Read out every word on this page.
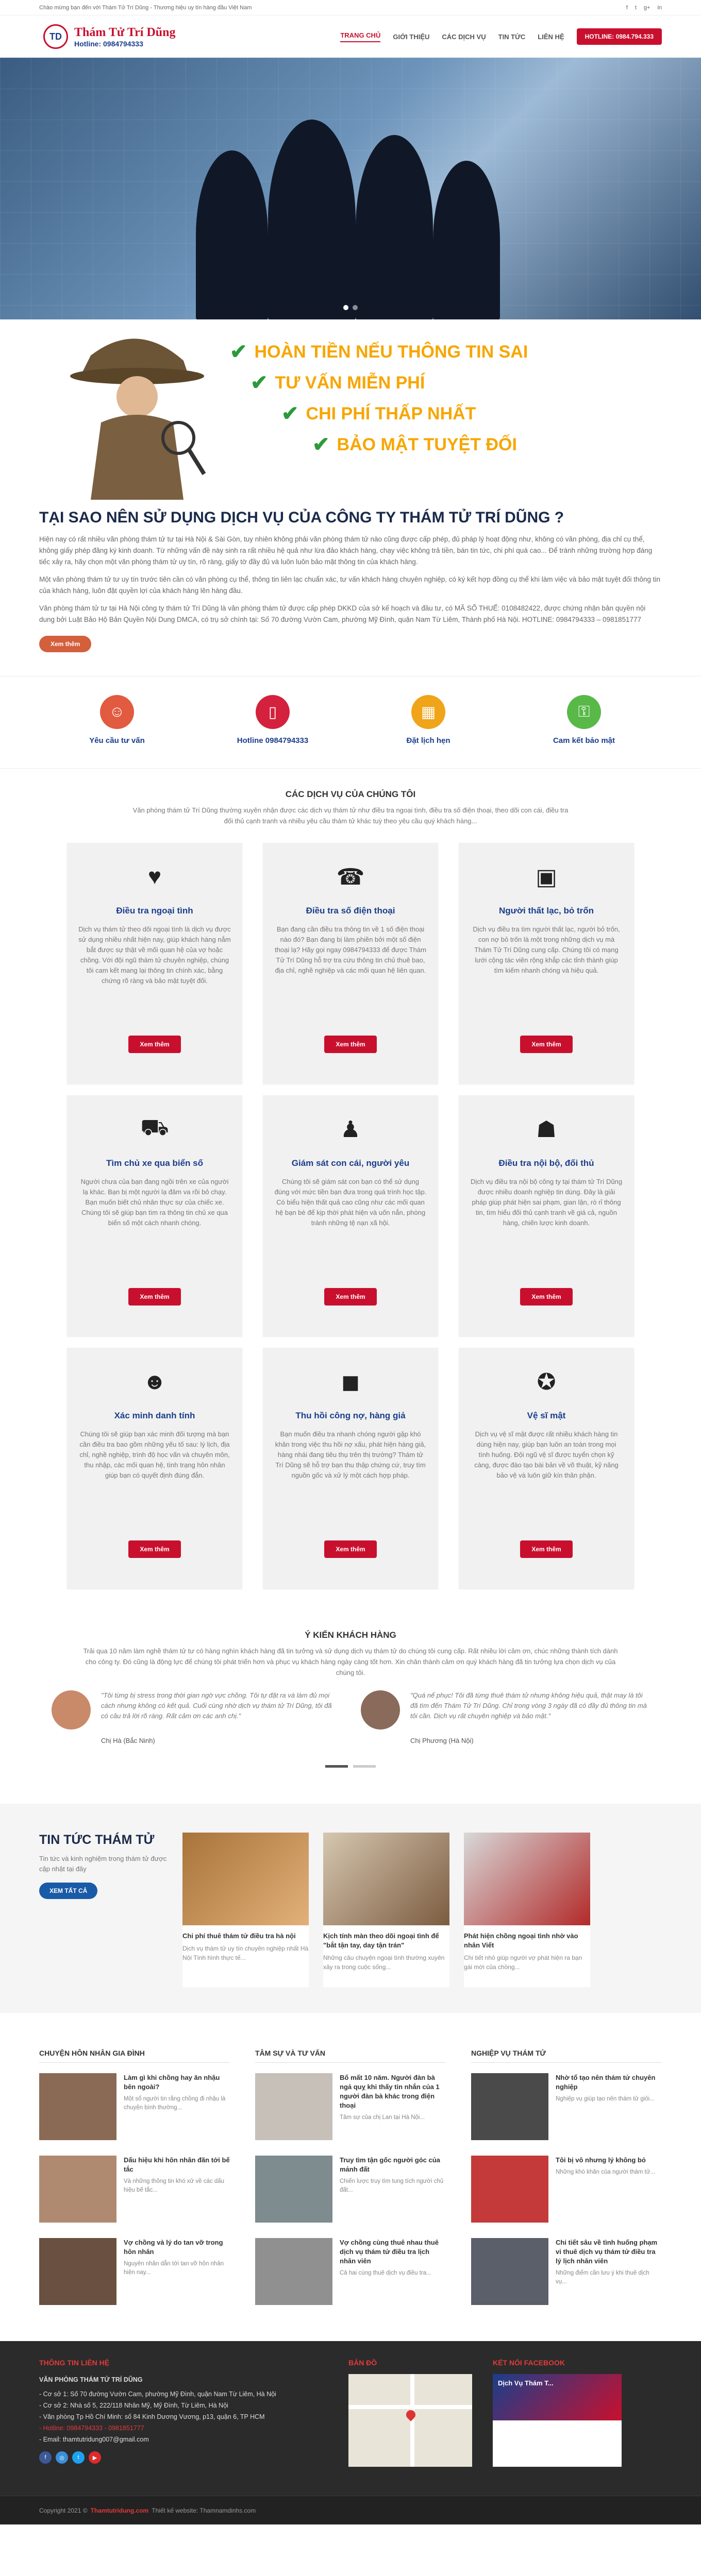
Chào mừng bạn đến với Thám Tử Trí Dũng - Thương hiệu uy tín hàng đầu Việt Nam	f t g+ in
TD	Thám Tử Trí Dũng
Hotline: 0984794333
TRANG CHỦ GIỚI THIỆU CÁC DỊCH VỤ TIN TỨC LIÊN HỆ	HOTLINE: 0984.794.333
✔ HOÀN TIỀN NẾU THÔNG TIN SAI
✔ TƯ VẤN MIỄN PHÍ
✔ CHI PHÍ THẤP NHẤT
✔ BẢO MẬT TUYỆT ĐỐI
TẠI SAO NÊN SỬ DỤNG DỊCH VỤ CỦA CÔNG TY THÁM TỬ TRÍ DŨNG ?

Hiện nay có rất nhiều văn phòng thám tử tư tại Hà Nội & Sài Gòn, tuy nhiên không phải văn phòng thám tử nào cũng được cấp phép, đủ pháp lý hoạt động như, không có văn phòng, địa chỉ cụ thể, không giấy phép đăng ký kinh doanh. Từ những vấn đề này sinh ra rất nhiều hệ quả như lừa đảo khách hàng, chạy việc không trả tiền, bán tin tức, chi phí quá cao... Để tránh những trường hợp đáng tiếc xảy ra, hãy chọn một văn phòng thám tử uy tín, rõ ràng, giấy tờ đầy đủ và luôn luôn bảo mật thông tin của khách hàng.

Một văn phòng thám tử tư uy tín trước tiên cần có văn phòng cụ thể, thông tin liên lạc chuẩn xác, tư vấn khách hàng chuyên nghiệp, có ký kết hợp đồng cụ thể khi làm việc và bảo mật tuyệt đối thông tin của khách hàng, luôn đặt quyền lợi của khách hàng lên hàng đầu.

Văn phòng thám tử tư tại Hà Nội công ty thám tử Trí Dũng là văn phòng thám tử được cấp phép DKKD của sở kế hoạch và đầu tư, có MÃ SỐ THUẾ: 0108482422, được chứng nhận bản quyền nội dung bởi Luật Bảo Hộ Bản Quyền Nội Dung DMCA, có trụ sở chính tại: Số 70 đường Vườn Cam, phường Mỹ Đình, quận Nam Từ Liêm, Thành phố Hà Nội. HOTLINE: 0984794333 – 0981851777

Xem thêm
☺
Yêu cầu tư vấn
▯
Hotline 0984794333
▦
Đặt lịch hẹn
⚿
Cam kết bảo mật
CÁC DỊCH VỤ CỦA CHÚNG TÔI
Văn phòng thám tử Trí Dũng thường xuyên nhận được các dịch vụ thám tử như điều tra ngoại tình, điều tra số điện thoại, theo dõi con cái, điều tra đối thủ cạnh tranh và nhiều yêu cầu thám tử khác tuỳ theo yêu cầu quý khách hàng...
♥
Điều tra ngoại tình
Dịch vụ thám tử theo dõi ngoại tình là dịch vụ được sử dụng nhiều nhất hiện nay, giúp khách hàng nắm bắt được sự thật về mối quan hệ của vợ hoặc chồng. Với đội ngũ thám tử chuyên nghiệp, chúng tôi cam kết mang lại thông tin chính xác, bằng chứng rõ ràng và bảo mật tuyệt đối.
Xem thêm
☎
Điều tra số điện thoại
Bạn đang cần điều tra thông tin về 1 số điện thoại nào đó? Bạn đang bị làm phiền bởi một số điện thoại lạ? Hãy gọi ngay 0984794333 để được Thám Tử Trí Dũng hỗ trợ tra cứu thông tin chủ thuê bao, địa chỉ, nghề nghiệp và các mối quan hệ liên quan.
Xem thêm
▣
Người thất lạc, bỏ trốn
Dịch vụ điều tra tìm người thất lạc, người bỏ trốn, con nợ bỏ trốn là một trong những dịch vụ mà Thám Tử Trí Dũng cung cấp. Chúng tôi có mạng lưới cộng tác viên rộng khắp các tỉnh thành giúp tìm kiếm nhanh chóng và hiệu quả.
Xem thêm
⛟
Tìm chủ xe qua biển số
Người chưa của bạn đang ngồi trên xe của người lạ khác. Bạn bị một người lạ đâm va rồi bỏ chạy. Bạn muốn biết chủ nhân thực sự của chiếc xe. Chúng tôi sẽ giúp bạn tìm ra thông tin chủ xe qua biển số một cách nhanh chóng.
Xem thêm
♟
Giám sát con cái, người yêu
Chúng tôi sẽ giám sát con bạn có thể sử dụng đúng với mức tiền bạn đưa trong quá trình học tập. Có biểu hiện thất quả cao cũng như các mối quan hệ bạn bè để kịp thời phát hiện và uốn nắn, phòng tránh những tệ nạn xã hội.
Xem thêm
☗
Điều tra nội bộ, đối thủ
Dịch vụ điều tra nội bộ công ty tại thám tử Trí Dũng được nhiều doanh nghiệp tin dùng. Đây là giải pháp giúp phát hiện sai phạm, gian lận, rò rỉ thông tin, tìm hiểu đối thủ cạnh tranh về giá cả, nguồn hàng, chiến lược kinh doanh.
Xem thêm
☻
Xác minh danh tính
Chúng tôi sẽ giúp bạn xác minh đối tượng mà bạn cần điều tra bao gồm những yếu tố sau: lý lịch, địa chỉ, nghề nghiệp, trình độ học vấn và chuyên môn, thu nhập, các mối quan hệ, tình trạng hôn nhân giúp bạn có quyết định đúng đắn.
Xem thêm
◼
Thu hồi công nợ, hàng giả
Bạn muốn điều tra nhanh chóng người gặp khó khăn trong việc thu hồi nợ xấu, phát hiện hàng giả, hàng nhái đang tiêu thụ trên thị trường? Thám tử Trí Dũng sẽ hỗ trợ bạn thu thập chứng cứ, truy tìm nguồn gốc và xử lý một cách hợp pháp.
Xem thêm
✪
Vệ sĩ mật
Dịch vụ vệ sĩ mật được rất nhiều khách hàng tin dùng hiện nay, giúp bạn luôn an toàn trong mọi tình huống. Đội ngũ vệ sĩ được tuyển chọn kỹ càng, được đào tạo bài bản về võ thuật, kỹ năng bảo vệ và luôn giữ kín thân phận.
Xem thêm
Ý KIẾN KHÁCH HÀNG
Trải qua 10 năm làm nghề thám tử tư có hàng nghìn khách hàng đã tin tưởng và sử dụng dịch vụ thám tử do chúng tôi cung cấp. Rất nhiều lời cảm ơn, chúc những thành tích dành cho công ty. Đó cũng là động lực để chúng tôi phát triển hơn và phục vụ khách hàng ngày càng tốt hơn. Xin chân thành cảm ơn quý khách hàng đã tin tưởng lựa chọn dịch vụ của chúng tôi.
"Tôi từng bị stress trong thời gian ngờ vực chồng. Tôi tự đặt ra và làm đủ mọi cách nhưng không có kết quả. Cuối cùng nhờ dịch vụ thám tử Trí Dũng, tôi đã có câu trả lời rõ ràng. Rất cảm ơn các anh chị."
Chị Hà (Bắc Ninh)
"Quá nể phục! Tôi đã từng thuê thám tử nhưng không hiệu quả, thật may là tôi đã tìm đến Thám Tử Trí Dũng. Chỉ trong vòng 3 ngày đã có đầy đủ thông tin mà tôi cần. Dịch vụ rất chuyên nghiệp và bảo mật."
Chị Phương (Hà Nội)
TIN TỨC THÁM TỬ

Tin tức và kinh nghiệm trong thám tử được cập nhật tại đây

XEM TẤT CẢ
Chi phí thuê thám tử điều tra hà nội
Dịch vụ thám tử uy tín chuyên nghiệp nhất Hà Nội Tình hình thực tế...
Kịch tính màn theo dõi ngoại tình để "bắt tận tay, day tận trán"
Những câu chuyện ngoại tình thường xuyên xảy ra trong cuộc sống...
Phát hiện chồng ngoại tình nhờ vào nhân Viết
Chi tiết nhỏ giúp người vợ phát hiện ra bạn gái mới của chồng...
CHUYỆN HÔN NHÂN GIA ĐÌNH
Làm gì khi chồng hay ăn nhậu bên ngoài?
Một số người tin rằng chồng đi nhậu là chuyện bình thường...
Dấu hiệu khi hôn nhân đãn tới bế tắc
Và những thông tin khó xử về các dấu hiệu bế tắc...
Vợ chồng và lý do tan vỡ trong hôn nhân
Nguyên nhân dẫn tới tan vỡ hôn nhân hiện nay...
TÂM SỰ VÀ TƯ VẤN
Bố mất 10 năm. Người đàn bà ngả quỵ khi thấy tin nhắn của 1 người đàn bà khác trong điện thoại
Tâm sự của chị Lan tại Hà Nội...
Truy tìm tận gốc người góc của mảnh đất
Chiến lược truy tìm tung tích người chủ đất...
Vợ chồng cùng thuê nhau thuê dịch vụ thám tử điều tra lịch nhân viên
Cả hai cùng thuê dịch vụ điều tra...
NGHIỆP VỤ THÁM TỬ
Nhờ tổ tạo nên thám tử chuyên nghiệp
Nghiệp vụ giúp tạo nên thám tử giỏi...
Tôi bị vô nhưng lý không bỏ
Những khó khăn của người thám tử...
Chi tiết sâu về tình huống phạm vi thuê dịch vụ thám tử điều tra lý lịch nhân viên
Những điểm cần lưu ý khi thuê dịch vụ...
THÔNG TIN LIÊN HỆ

VĂN PHÒNG THÁM TỬ TRÍ DŨNG

- Cơ sở 1: Số 70 đường Vườn Cam, phường Mỹ Đình, quận Nam Từ Liêm, Hà Nội

- Cơ sở 2: Nhà số 5, 222/118 Nhân Mỹ, Mỹ Đình, Từ Liêm, Hà Nội

- Văn phòng Tp Hồ Chí Minh: số 84 Kinh Dương Vương, p13, quận 6, TP HCM

- Hotline: 0984794333 - 0981851777

- Email: thamtutridung007@gmail.com

f	◎	t	▶
BẢN ĐỒ	KẾT NỐI FACEBOOK
Dịch Vụ Thám T...
Copyright 2021 © Thamtutridung.com Thiết kế website: Thamnamdinhs.com
